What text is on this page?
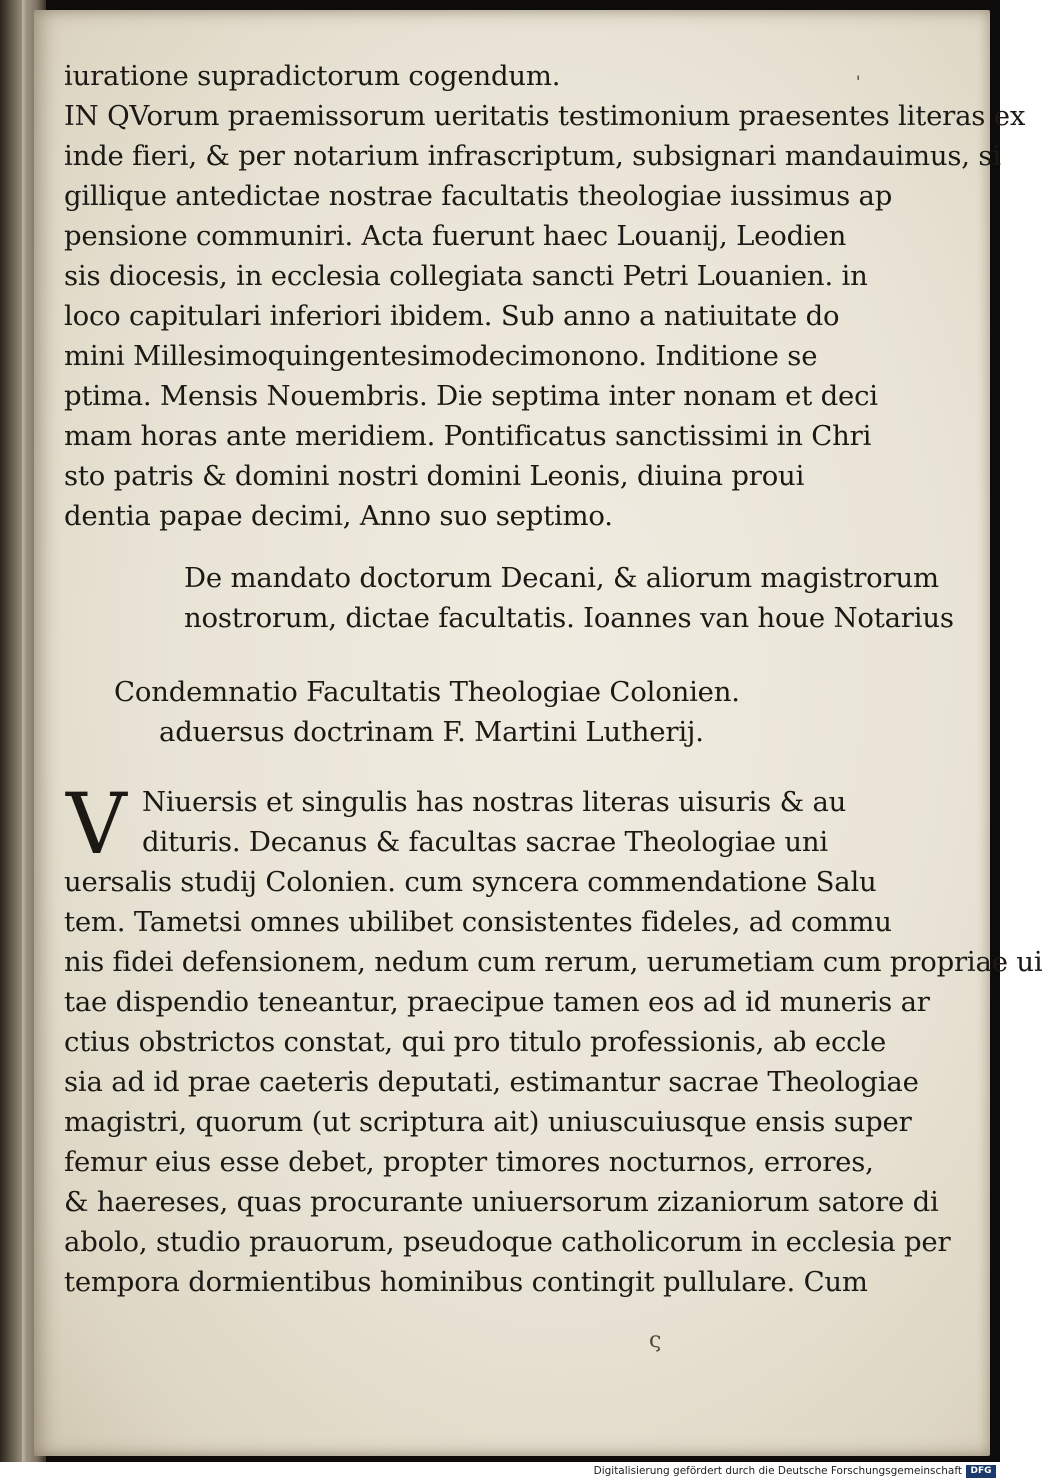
'
iuratione supradictorum cogendum.
IN QVorum praemissorum ueritatis testimonium praesentes literas ex
inde fieri, & per notarium infrascriptum, subsignari mandauimus, si
gillique antedictae nostrae facultatis theologiae iussimus ap
pensione communiri. Acta fuerunt haec Louanij, Leodien
sis diocesis, in ecclesia collegiata sancti Petri Louanien. in
loco capitulari inferiori ibidem. Sub anno a natiuitate do
mini Millesimoquingentesimodecimonono. Inditione se
ptima. Mensis Nouembris. Die septima inter nonam et deci
mam horas ante meridiem. Pontificatus sanctissimi in Chri
sto patris & domini nostri domini Leonis, diuina proui
dentia papae decimi, Anno suo septimo.
De mandato doctorum Decani, & aliorum magistrorum
nostrorum, dictae facultatis. Ioannes van houe Notarius
Condemnatio Facultatis Theologiae Colonien.
aduersus doctrinam F. Martini Lutherij.
V Niuersis et singulis has nostras literas uisuris & au
dituris. Decanus & facultas sacrae Theologiae uni
uersalis studij Colonien. cum syncera commendatione Salu
tem. Tametsi omnes ubilibet consistentes fideles, ad commu
nis fidei defensionem, nedum cum rerum, uerumetiam cum propriae ui
tae dispendio teneantur, praecipue tamen eos ad id muneris ar
ctius obstrictos constat, qui pro titulo professionis, ab eccle
sia ad id prae caeteris deputati, estimantur sacrae Theologiae
magistri, quorum (ut scriptura ait) uniuscuiusque ensis super
femur eius esse debet, propter timores nocturnos, errores,
& haereses, quas procurante uniuersorum zizaniorum satore di
abolo, studio prauorum, pseudoque catholicorum in ecclesia per
tempora dormientibus hominibus contingit pullulare. Cum
ς
Digitalisierung gefördert durch die Deutsche Forschungsgemeinschaft DFG
